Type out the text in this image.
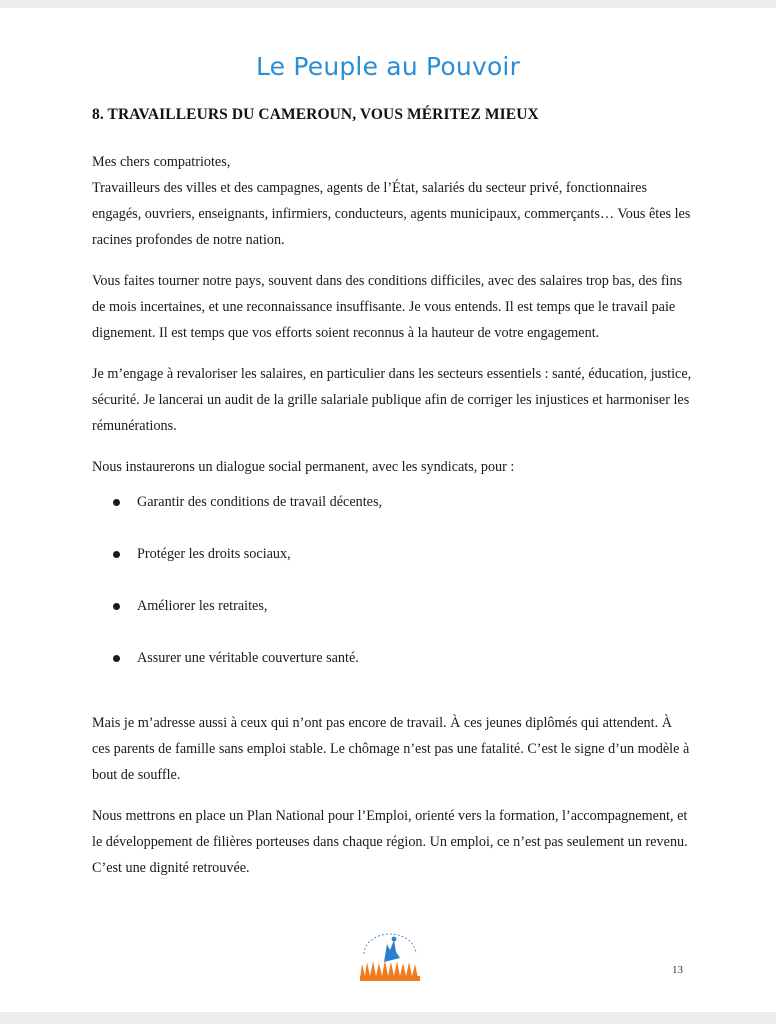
Le Peuple au Pouvoir
8. TRAVAILLEURS DU CAMEROUN, VOUS MÉRITEZ MIEUX

Mes chers compatriotes,

Travailleurs des villes et des campagnes, agents de l’État, salariés du secteur privé, fonctionnaires engagés, ouvriers, enseignants, infirmiers, conducteurs, agents municipaux, commerçants… Vous êtes les racines profondes de notre nation.

Vous faites tourner notre pays, souvent dans des conditions difficiles, avec des salaires trop bas, des fins de mois incertaines, et une reconnaissance insuffisante. Je vous entends. Il est temps que le travail paie dignement. Il est temps que vos efforts soient reconnus à la hauteur de votre engagement.

Je m’engage à revaloriser les salaires, en particulier dans les secteurs essentiels : santé, éducation, justice, sécurité. Je lancerai un audit de la grille salariale publique afin de corriger les injustices et harmoniser les rémunérations.

Nous instaurerons un dialogue social permanent, avec les syndicats, pour :

Garantir des conditions de travail décentes,
Protéger les droits sociaux,
Améliorer les retraites,
Assurer une véritable couverture santé.

Mais je m’adresse aussi à ceux qui n’ont pas encore de travail. À ces jeunes diplômés qui attendent. À ces parents de famille sans emploi stable. Le chômage n’est pas une fatalité. C’est le signe d’un modèle à bout de souffle.

Nous mettrons en place un Plan National pour l’Emploi, orienté vers la formation, l’accompagnement, et le développement de filières porteuses dans chaque région. Un emploi, ce n’est pas seulement un revenu. C’est une dignité retrouvée.

13
